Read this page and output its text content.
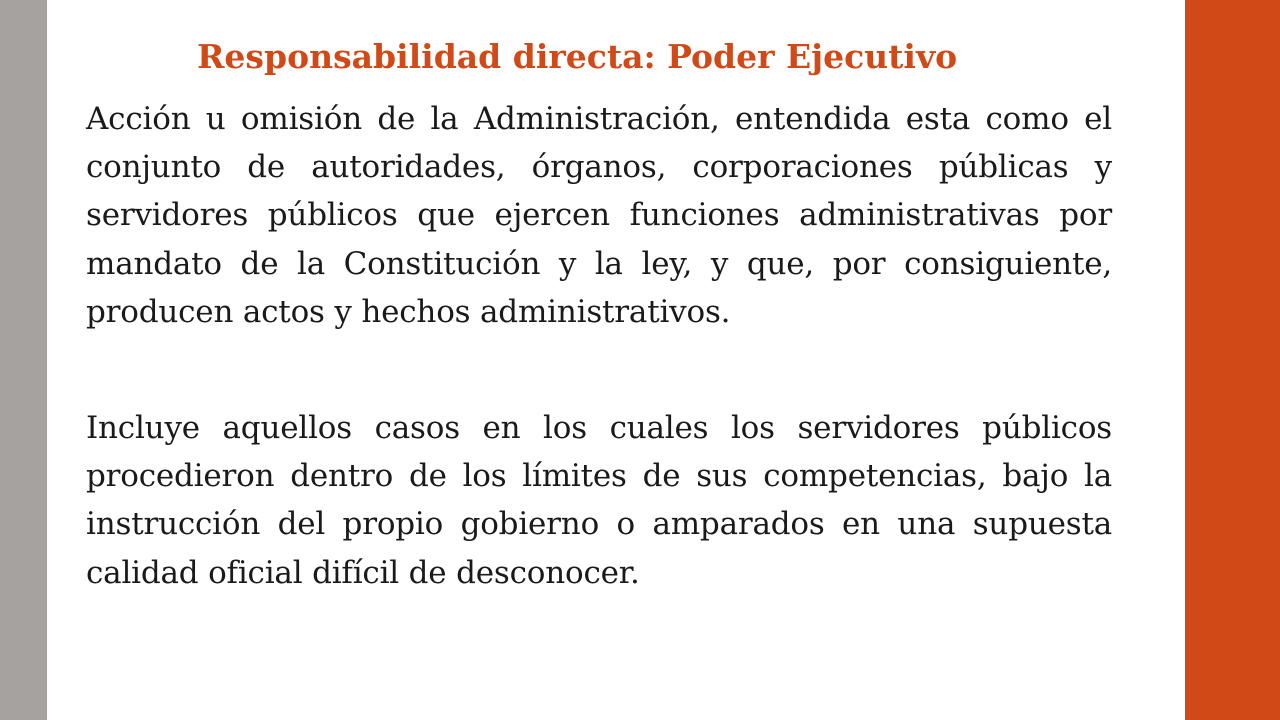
Responsabilidad directa: Poder Ejecutivo

Acción u omisión de la Administración, entendida esta como el conjunto de autoridades, órganos, corporaciones públicas y servidores públicos que ejercen funciones administrativas por mandato de la Constitución y la ley, y que, por consiguiente, producen actos y hechos administrativos.

Incluye aquellos casos en los cuales los servidores públicos procedieron dentro de los límites de sus competencias, bajo la instrucción del propio gobierno o amparados en una supuesta calidad oficial difícil de desconocer.
